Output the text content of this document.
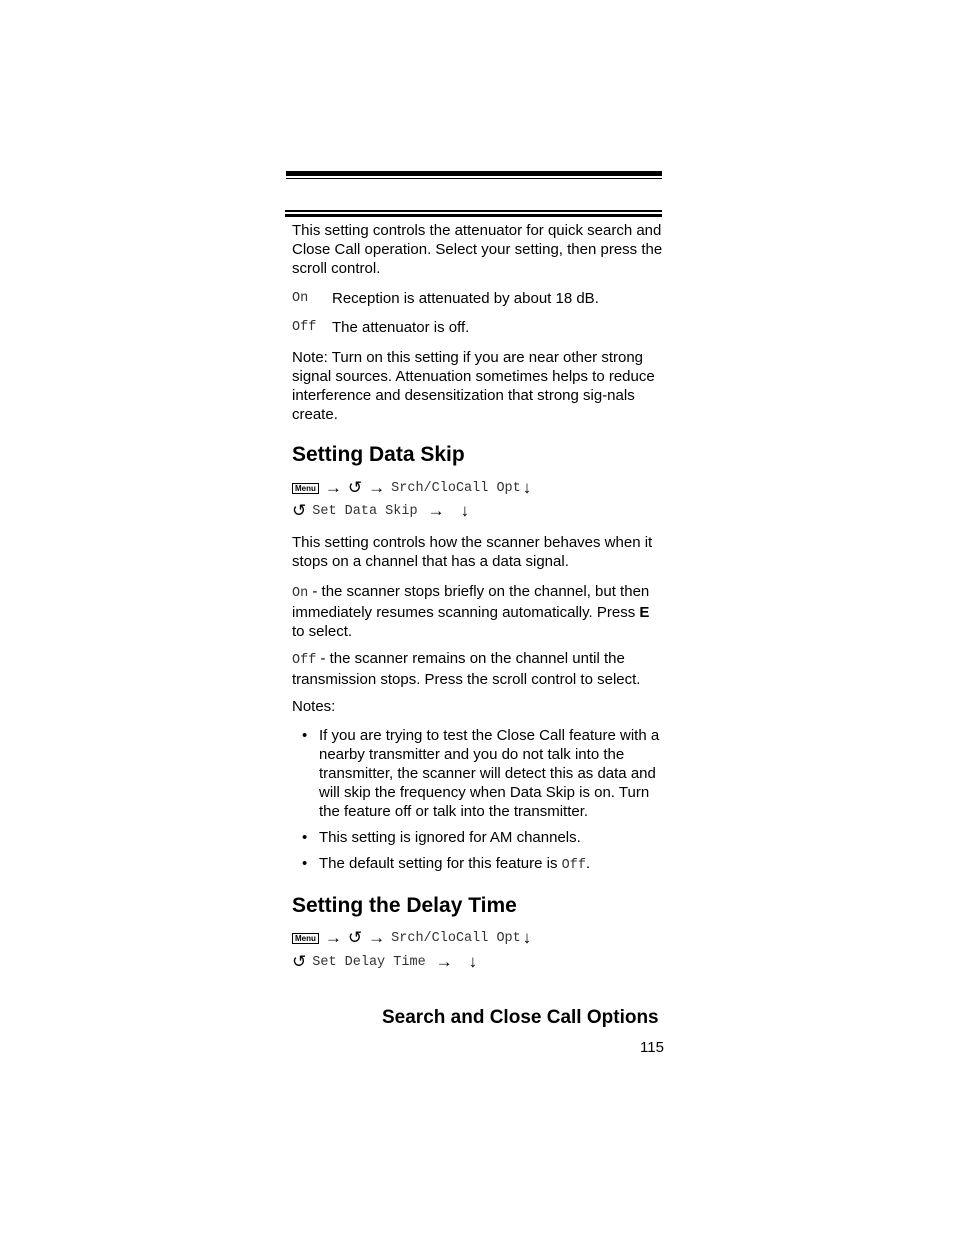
This setting controls the attenuator for quick search and Close Call operation. Select your setting, then press the scroll control.

On Reception is attenuated by about 18 dB.
Off The attenuator is off.

Note: Turn on this setting if you are near other strong signal sources. Attenuation sometimes helps to reduce interference and desensitization that strong sig-nals create.

Setting Data Skip
Menu → ↺ → Srch/CloCall Opt ↓
↺ Set Data Skip → ↓

This setting controls how the scanner behaves when it stops on a channel that has a data signal.

On - the scanner stops briefly on the channel, but then immediately resumes scanning automatically. Press E to select.

Off - the scanner remains on the channel until the transmission stops. Press the scroll control to select.

Notes:

• If you are trying to test the Close Call feature with a nearby transmitter and you do not talk into the transmitter, the scanner will detect this as data and will skip the frequency when Data Skip is on. Turn the feature off or talk into the transmitter.
• This setting is ignored for AM channels.
• The default setting for this feature is Off.
Setting the Delay Time
Menu → ↺ → Srch/CloCall Opt ↓
↺ Set Delay Time → ↓
Search and Close Call Options
115
